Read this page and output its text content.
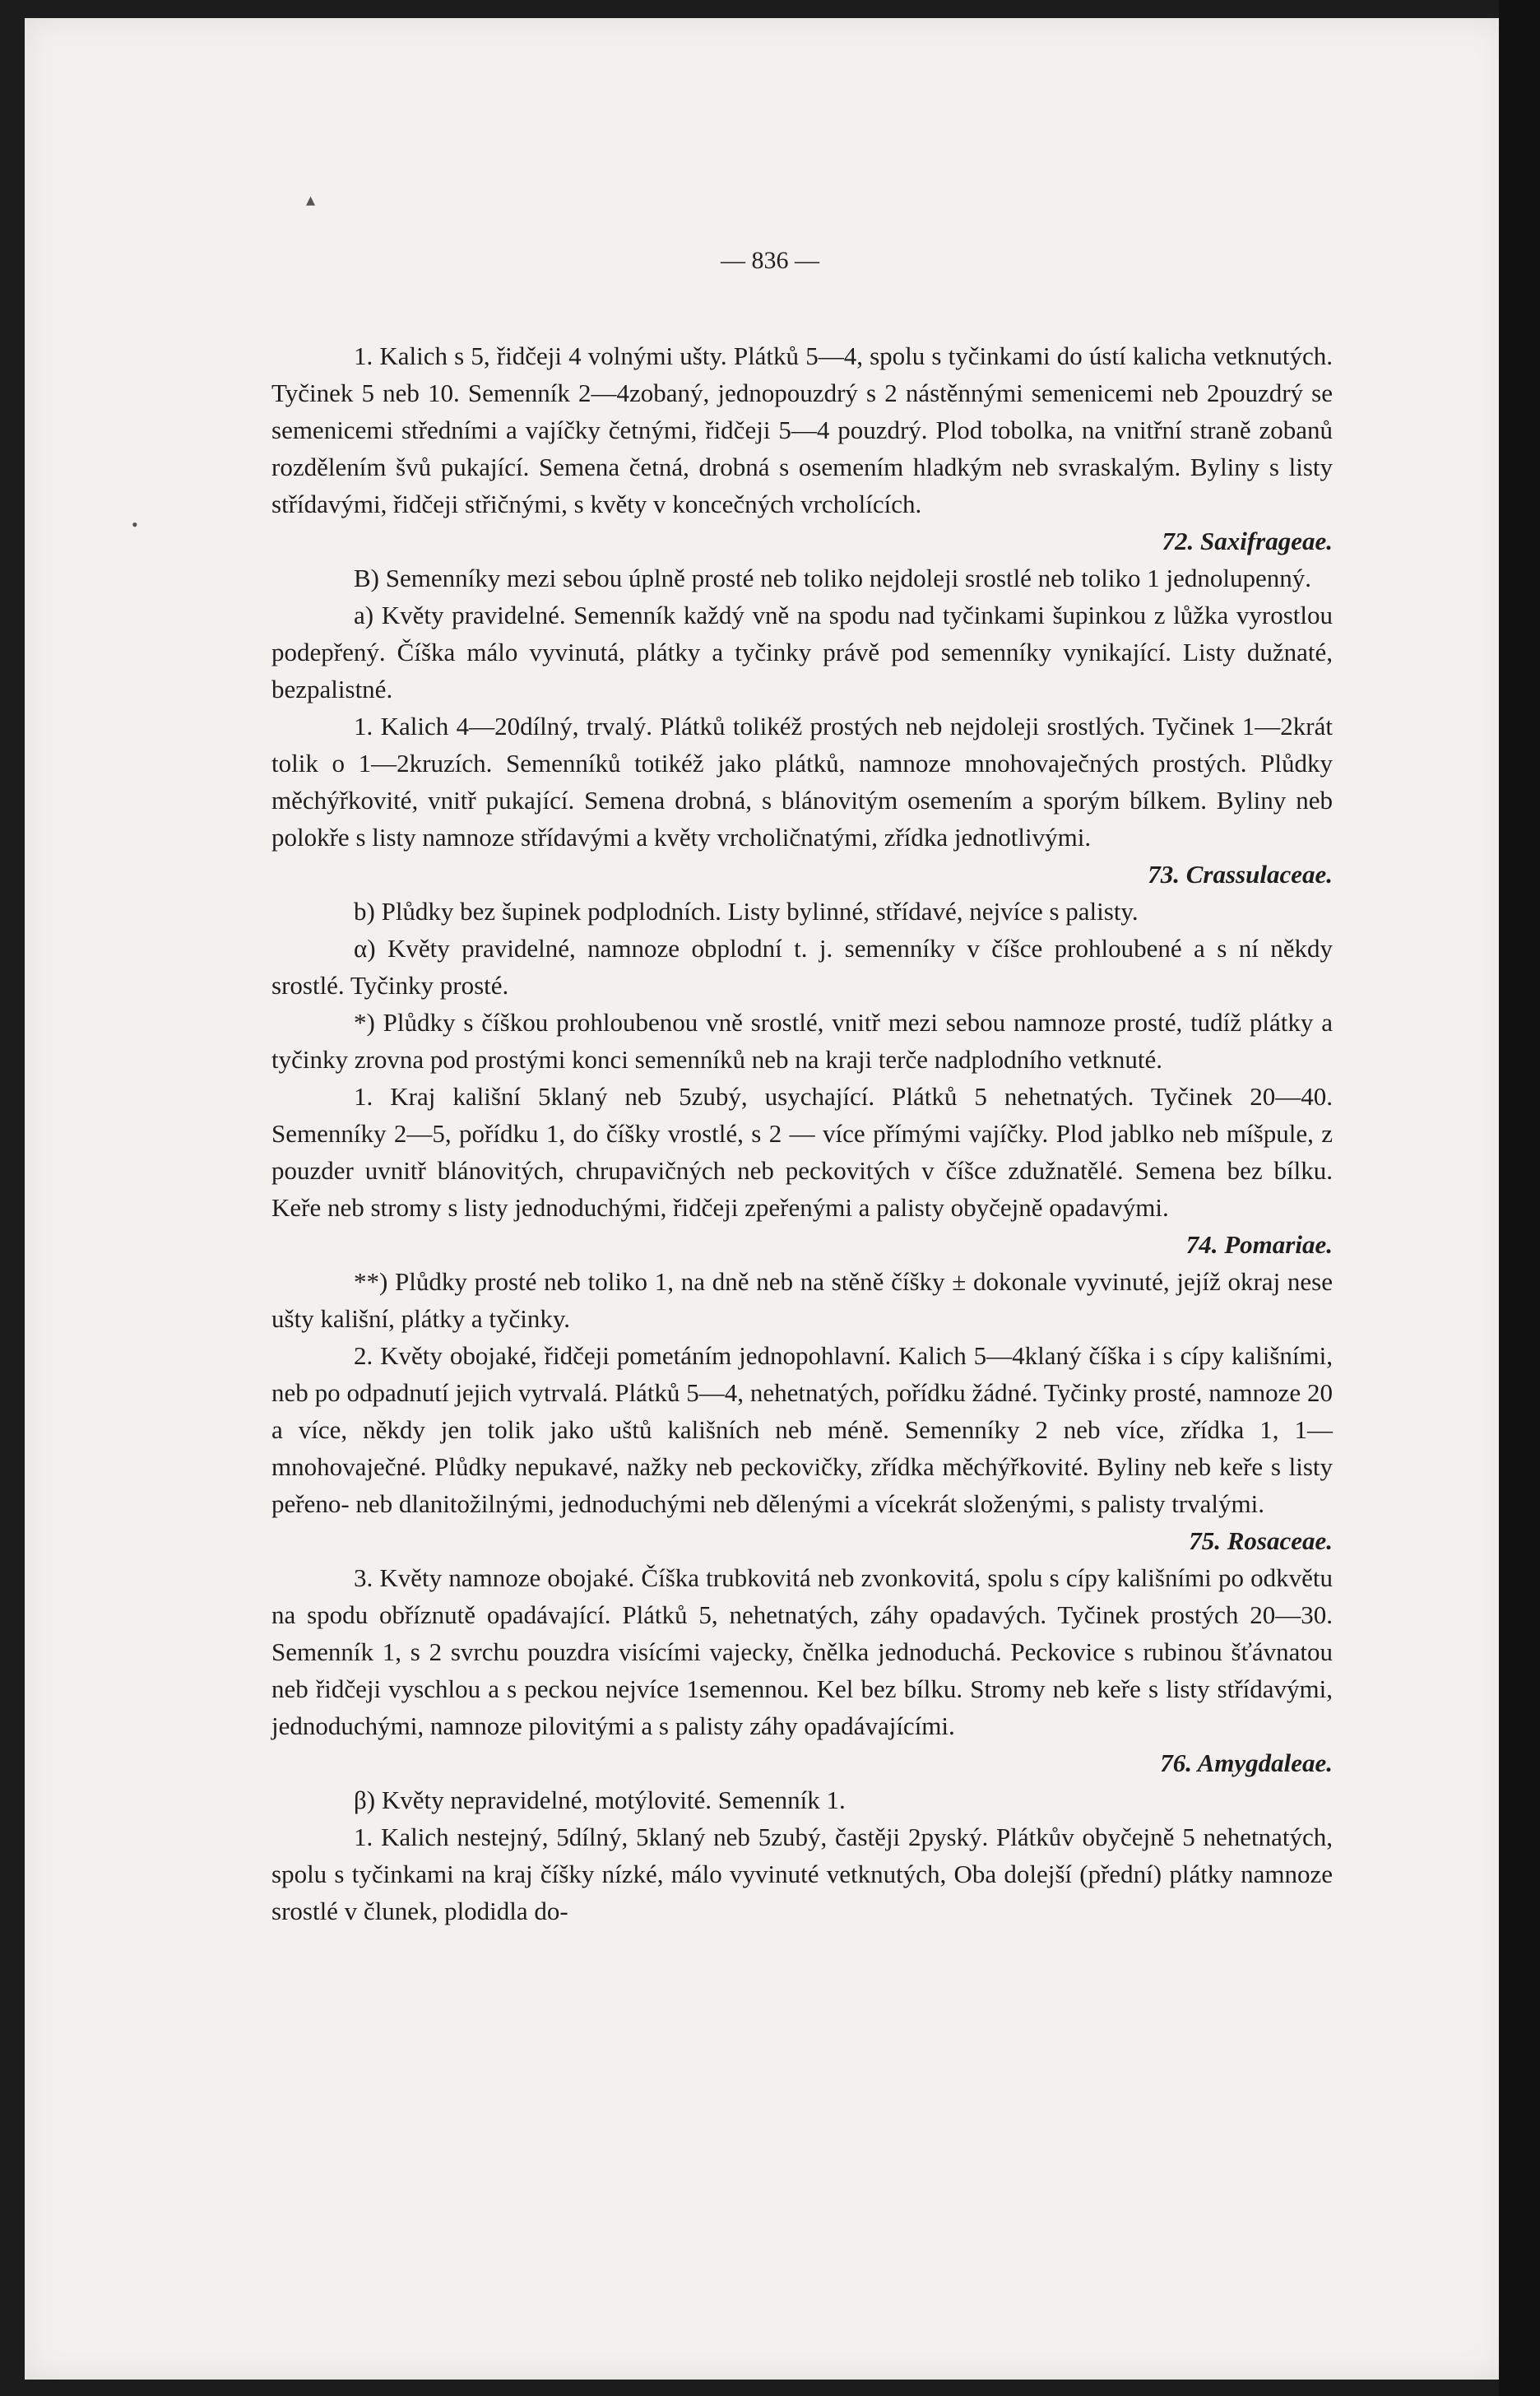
▴
•
— 836 —

1. Kalich s 5, řidčeji 4 volnými ušty. Plátků 5—4, spolu s tyčinkami do ústí kalicha vetknutých. Tyčinek 5 neb 10. Semenník 2—4zobaný, jednopouzdrý s 2 nástěnnými semenicemi neb 2pouzdrý se semenicemi středními a vajíčky četnými, řidčeji 5—4 pouzdrý. Plod tobolka, na vnitřní straně zobanů rozdělením švů pukající. Semena četná, drobná s osemením hladkým neb svraskalým. Byliny s listy střídavými, řidčeji střičnými, s květy v koncečných vrcholících.
72. Saxifrageae.

B) Semenníky mezi sebou úplně prosté neb toliko nejdoleji srostlé neb toliko 1 jednolupenný.

a) Květy pravidelné. Semenník každý vně na spodu nad tyčinkami šupinkou z lůžka vyrostlou podepřený. Číška málo vyvinutá, plátky a tyčinky právě pod semenníky vynikající. Listy dužnaté, bezpalistné.

1. Kalich 4—20dílný, trvalý. Plátků tolikéž prostých neb nejdoleji srostlých. Tyčinek 1—2krát tolik o 1—2kruzích. Semenníků totikéž jako plátků, namnoze mnohovaječných prostých. Plůdky měchýřkovité, vnitř pukající. Semena drobná, s blánovitým osemením a sporým bílkem. Byliny neb polokře s listy namnoze střídavými a květy vrcholičnatými, zřídka jednotlivými.
73. Crassulaceae.

b) Plůdky bez šupinek podplodních. Listy bylinné, střídavé, nejvíce s palisty.

α) Květy pravidelné, namnoze obplodní t. j. semenníky v číšce prohloubené a s ní někdy srostlé. Tyčinky prosté.

*) Plůdky s číškou prohloubenou vně srostlé, vnitř mezi sebou namnoze prosté, tudíž plátky a tyčinky zrovna pod prostými konci semenníků neb na kraji terče nadplodního vetknuté.

1. Kraj kališní 5klaný neb 5zubý, usychající. Plátků 5 nehetnatých. Tyčinek 20—40. Semenníky 2—5, pořídku 1, do číšky vrostlé, s 2 — více přímými vajíčky. Plod jablko neb míšpule, z pouzder uvnitř blánovitých, chrupavičných neb peckovitých v číšce zdužnatělé. Semena bez bílku. Keře neb stromy s listy jednoduchými, řidčeji zpeřenými a palisty obyčejně opadavými.
74. Pomariae.

**) Plůdky prosté neb toliko 1, na dně neb na stěně číšky ± dokonale vyvinuté, jejíž okraj nese ušty kališní, plátky a tyčinky.

2. Květy obojaké, řidčeji pometáním jednopohlavní. Kalich 5—4klaný číška i s cípy kališními, neb po odpadnutí jejich vytrvalá. Plátků 5—4, nehetnatých, pořídku žádné. Tyčinky prosté, namnoze 20 a více, někdy jen tolik jako uštů kališních neb méně. Semenníky 2 neb více, zřídka 1, 1— mnohovaječné. Plůdky nepukavé, nažky neb peckovičky, zřídka měchýřkovité. Byliny neb keře s listy peřeno- neb dlanitožilnými, jednoduchými neb dělenými a vícekrát složenými, s palisty trvalými.
75. Rosaceae.

3. Květy namnoze obojaké. Číška trubkovitá neb zvonkovitá, spolu s cípy kališními po odkvětu na spodu obříznutě opadávající. Plátků 5, nehetnatých, záhy opadavých. Tyčinek prostých 20—30. Semenník 1, s 2 svrchu pouzdra visícími vajecky, čnělka jednoduchá. Peckovice s rubinou šťávnatou neb řidčeji vyschlou a s peckou nejvíce 1semennou. Kel bez bílku. Stromy neb keře s listy střídavými, jednoduchými, namnoze pilovitými a s palisty záhy opadávajícími.
76. Amygdaleae.

β) Květy nepravidelné, motýlovité. Semenník 1.

1. Kalich nestejný, 5dílný, 5klaný neb 5zubý, častěji 2pyský. Plátkův obyčejně 5 nehetnatých, spolu s tyčinkami na kraj číšky nízké, málo vyvinuté vetknutých, Oba dolejší (přední) plátky namnoze srostlé v člunek, plodidla do-
